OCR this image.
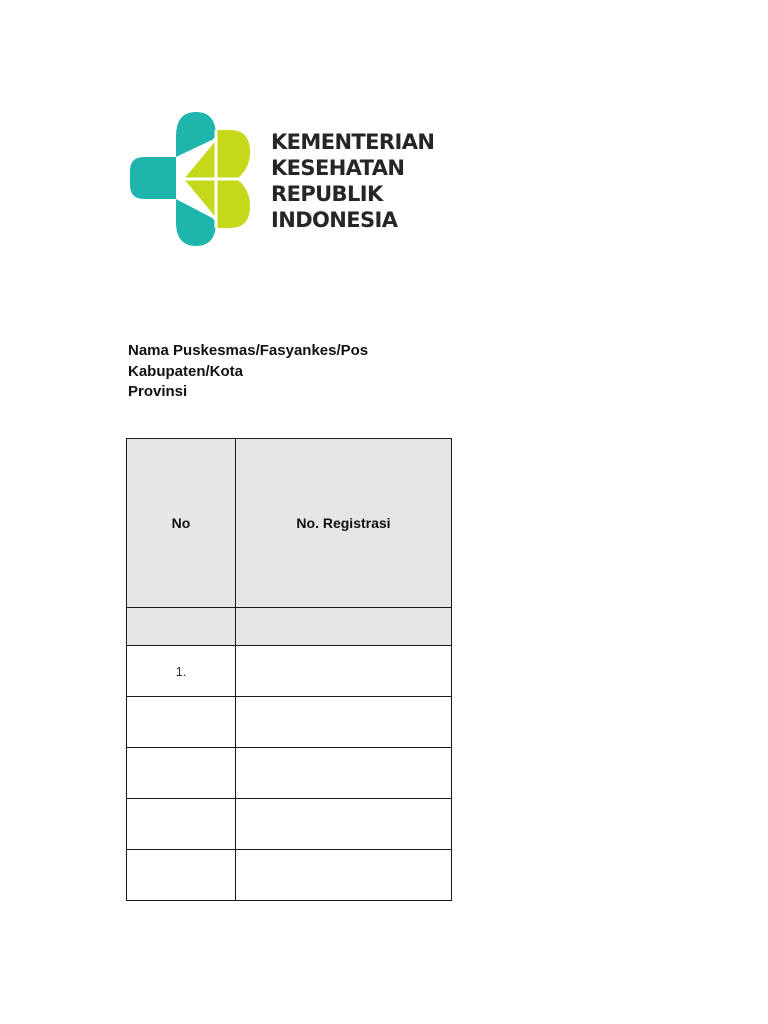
KEMENTERIAN
KESEHATAN
REPUBLIK
INDONESIA
Nama Puskesmas/Fasyankes/Pos
Kabupaten/Kota
Provinsi
No	No. Registrasi

1.	
